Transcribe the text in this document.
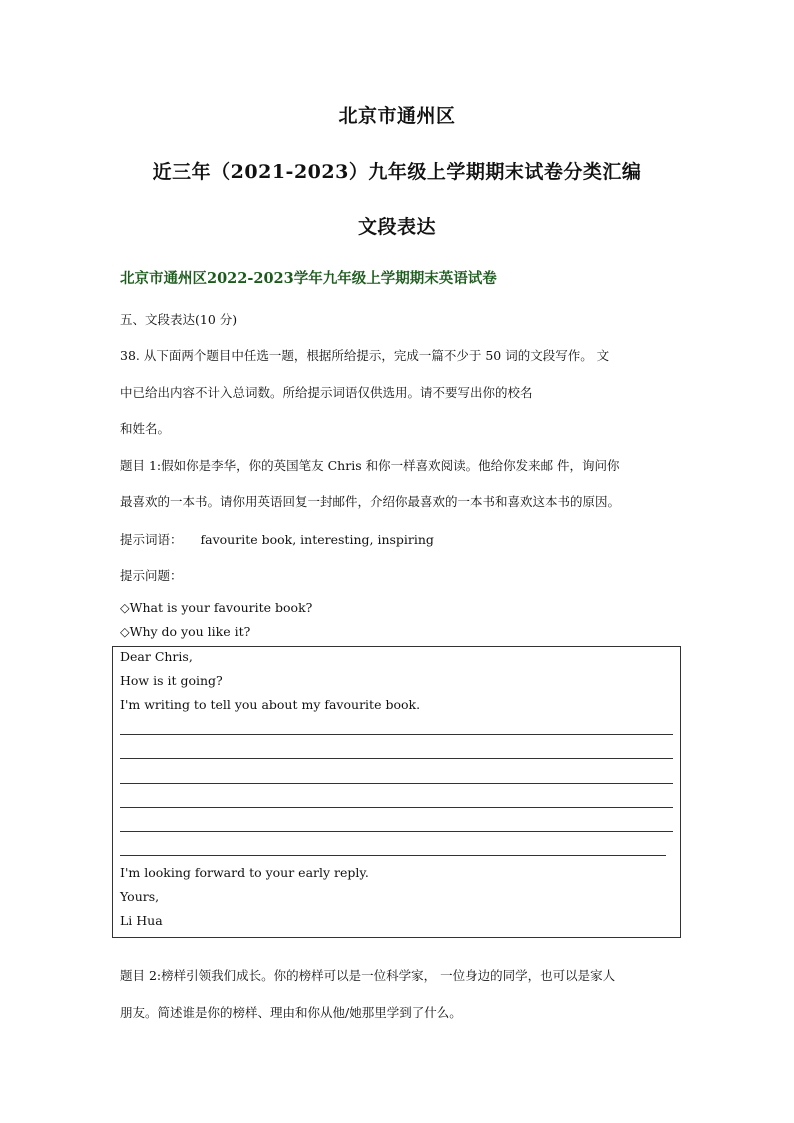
北京市通州区
近三年（2021-2023）九年级上学期期末试卷分类汇编
文段表达
北京市通州区2022-2023学年九年级上学期期末英语试卷
五、文段表达(10 分)
38. 从下面两个题目中任选一题，根据所给提示，完成一篇不少于 50 词的文段写作。 文
中已给出内容不计入总词数。所给提示词语仅供选用。请不要写出你的校名
和姓名。
题目 1:假如你是李华，你的英国笔友 Chris 和你一样喜欢阅读。他给你发来邮 件，询问你
最喜欢的一本书。请你用英语回复一封邮件，介绍你最喜欢的一本书和喜欢这本书的原因。
提示词语： favourite book, interesting, inspiring
提示问题：
◇What is your favourite book?
◇Why do you like it?
Dear Chris,
How is it going?
I'm writing to tell you about my favourite book.
I'm looking forward to your early reply.
Yours,
Li Hua
题目 2:榜样引领我们成长。你的榜样可以是一位科学家， 一位身边的同学，也可以是家人
朋友。简述谁是你的榜样、理由和你从他/她那里学到了什么。
